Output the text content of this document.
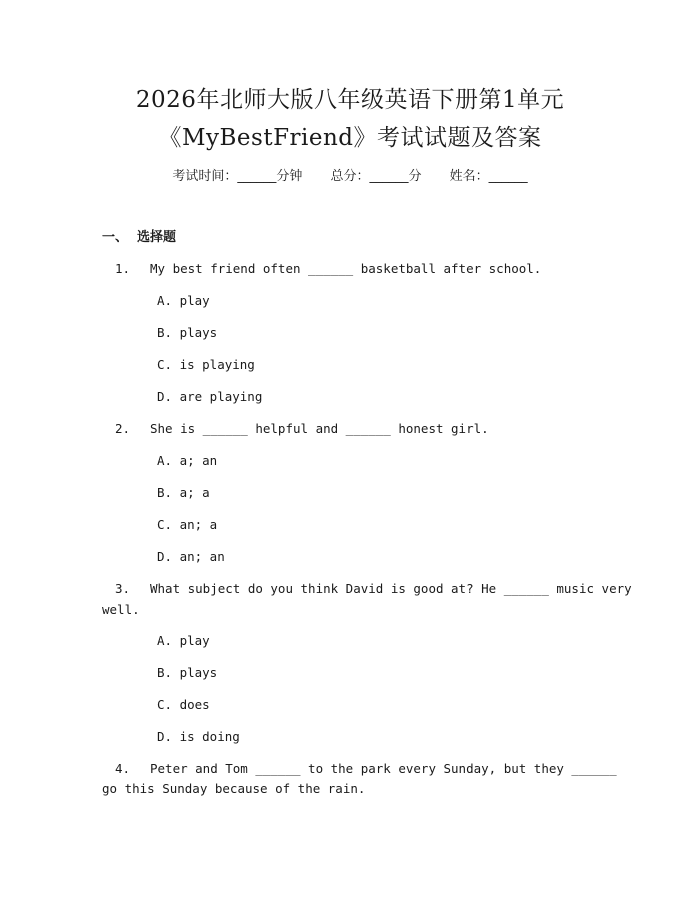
2026年北师大版八年级英语下册第1单元
《MyBestFriend》考试试题及答案
考试时间：______分钟 总分：______分 姓名：______
一、  选择题
1. My best friend often ______ basketball after school.
A. play
B. plays
C. is playing
D. are playing
2. She is ______ helpful and ______ honest girl.
A. a; an
B. a; a
C. an; a
D. an; an
3. What subject do you think David is good at? He ______ music very
well.
A. play
B. plays
C. does
D. is doing
4. Peter and Tom ______ to the park every Sunday, but they ______
go this Sunday because of the rain.
